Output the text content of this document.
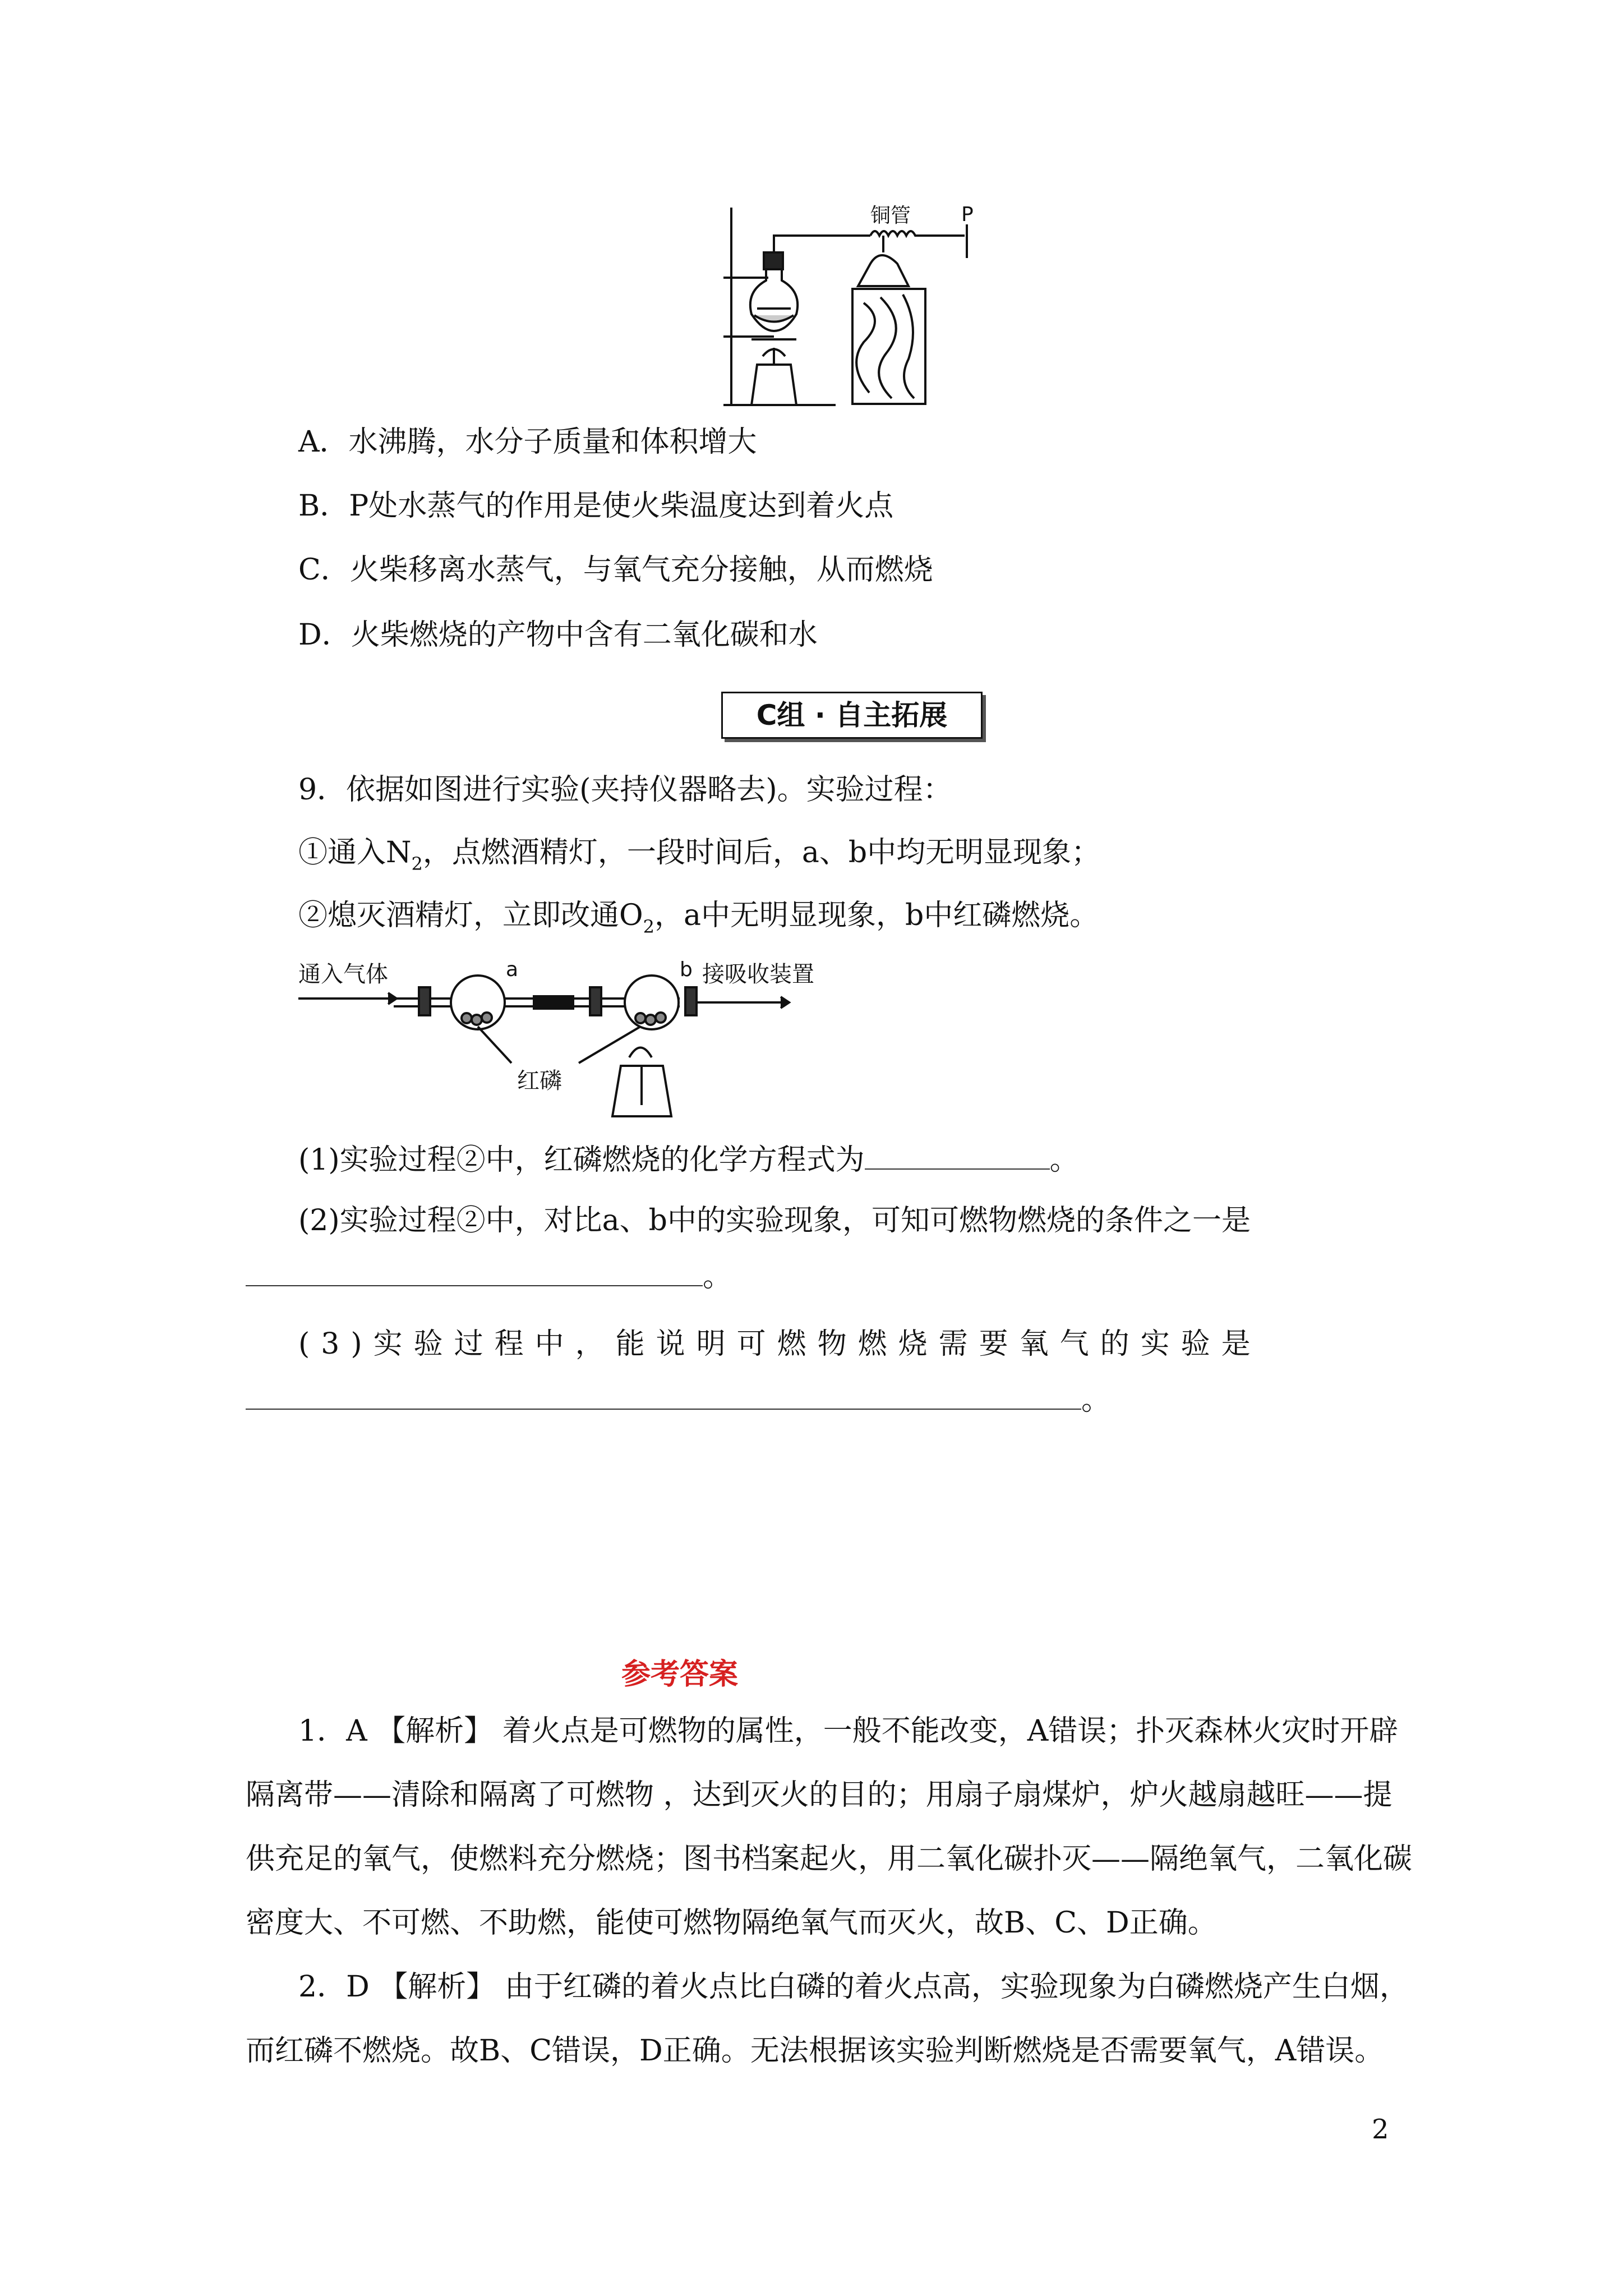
铜管 P
A．水沸腾，水分子质量和体积增大
B．P处水蒸气的作用是使火柴温度达到着火点
C．火柴移离水蒸气，与氧气充分接触，从而燃烧
D．火柴燃烧的产物中含有二氧化碳和水
C组 · 自主拓展
9．依据如图进行实验(夹持仪器略去)。实验过程：
①通入$N_2$，点燃酒精灯，一段时间后，a、b中均无明显现象；
②熄灭酒精灯，立即改通$O_2$，a中无明显现象，b中红磷燃烧。
通入气体	a	b 接吸收装置
红磷
(1)实验过程②中，红磷燃烧的化学方程式为	。
(2)实验过程②中，对比a、b中的实验现象，可知可燃物燃烧的条件之一是
。
(3)实验过程中，能说明可燃物燃烧需要氧气的实验是
。
参考答案
1．A 【解析】 着火点是可燃物的属性，一般不能改变，A错误；扑灭森林火灾时开辟
隔离带——清除和隔离了可燃物 ，达到灭火的目的；用扇子扇煤炉，炉火越扇越旺——提
供充足的氧气，使燃料充分燃烧；图书档案起火，用二氧化碳扑灭——隔绝氧气，二氧化碳
密度大、不可燃、不助燃，能使可燃物隔绝氧气而灭火，故B、C、D正确。
2．D 【解析】 由于红磷的着火点比白磷的着火点高，实验现象为白磷燃烧产生白烟，
而红磷不燃烧。故B、C错误，D正确。无法根据该实验判断燃烧是否需要氧气，A错误。
2
